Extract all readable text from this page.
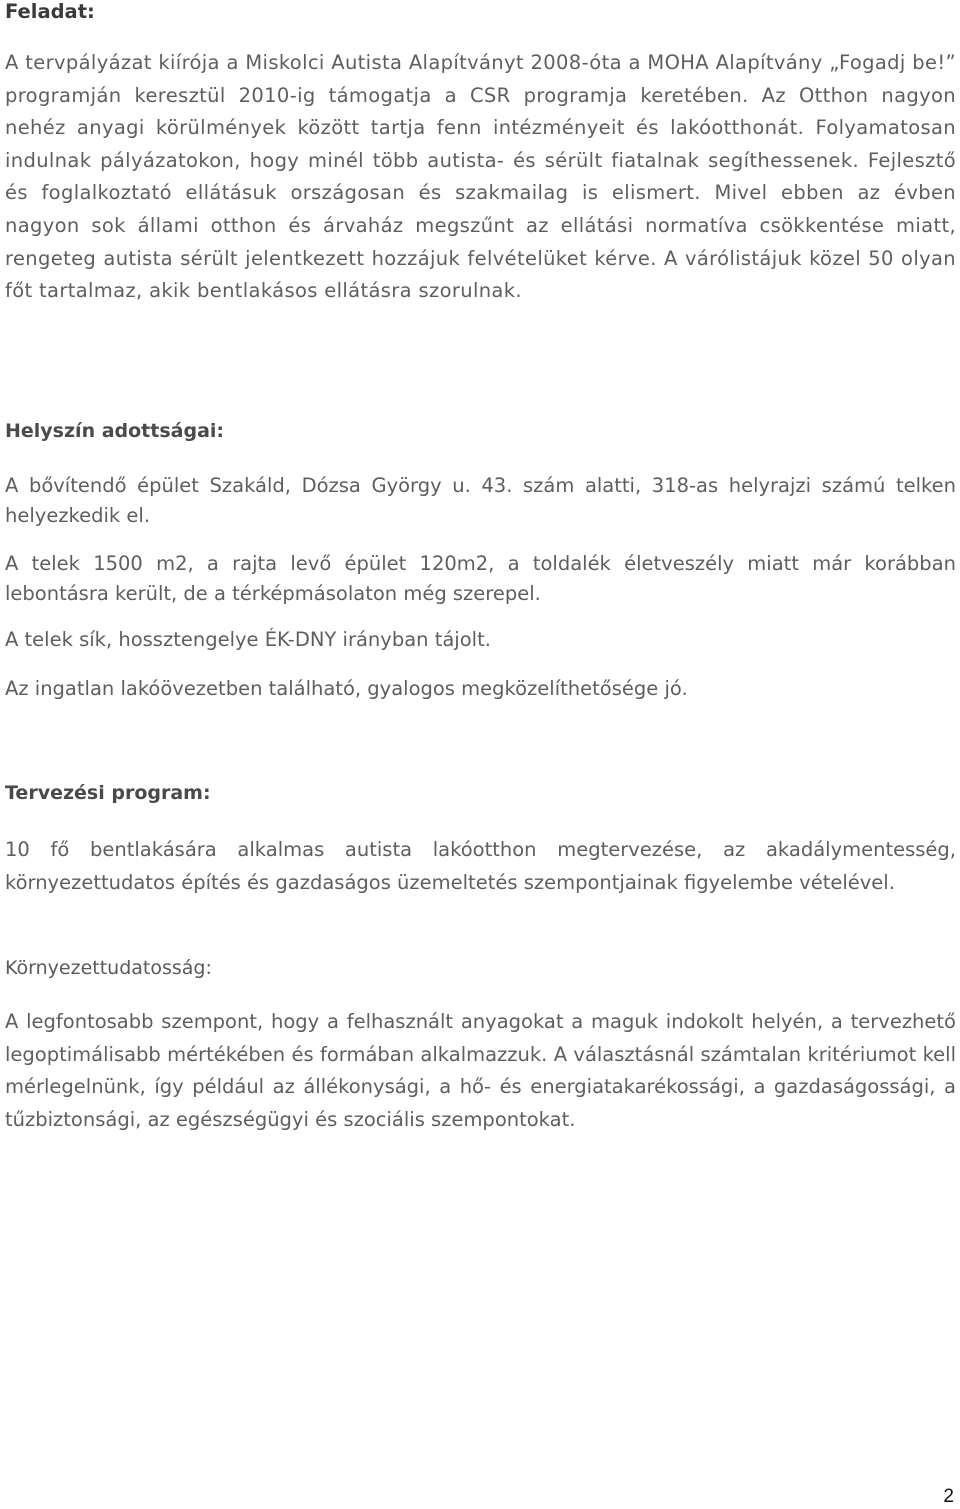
Feladat:
A tervpályázat kiírója a Miskolci Autista Alapítványt 2008-óta a MOHA Alapítvány „Fogadj be!” programján keresztül 2010-ig támogatja a CSR programja keretében. Az Otthon nagyon nehéz anyagi körülmények között tartja fenn intézményeit és lakóotthonát. Folyamatosan indulnak pályázatokon, hogy minél több autista- és sérült fiatalnak segíthessenek. Fejlesztő és foglalkoztató ellátásuk országosan és szakmailag is elismert. Mivel ebben az évben nagyon sok állami otthon és árvaház megszűnt az ellátási normatíva csökkentése miatt, rengeteg autista sérült jelentkezett hozzájuk felvételüket kérve. A várólistájuk közel 50 olyan főt tartalmaz, akik bentlakásos ellátásra szorulnak.
Helyszín adottságai:
A bővítendő épület Szakáld, Dózsa György u. 43. szám alatti, 318-as helyrajzi számú telken helyezkedik el.
A telek 1500 m2, a rajta levő épület 120m2, a toldalék életveszély miatt már korábban lebontásra került, de a térképmásolaton még szerepel.
A telek sík, hossztengelye ÉK-DNY irányban tájolt.
Az ingatlan lakóövezetben található, gyalogos megközelíthetősége jó.
Tervezési program:
10 fő bentlakására alkalmas autista lakóotthon megtervezése, az akadálymentesség, környezettudatos építés és gazdaságos üzemeltetés szempontjainak figyelembe vételével.
Környezettudatosság:
A legfontosabb szempont, hogy a felhasznált anyagokat a maguk indokolt helyén, a tervezhető legoptimálisabb mértékében és formában alkalmazzuk. A választásnál számtalan kritériumot kell mérlegelnünk, így például az állékonysági, a hő- és energiatakarékossági, a gazdaságossági, a tűzbiztonsági, az egészségügyi és szociális szempontokat.
2
